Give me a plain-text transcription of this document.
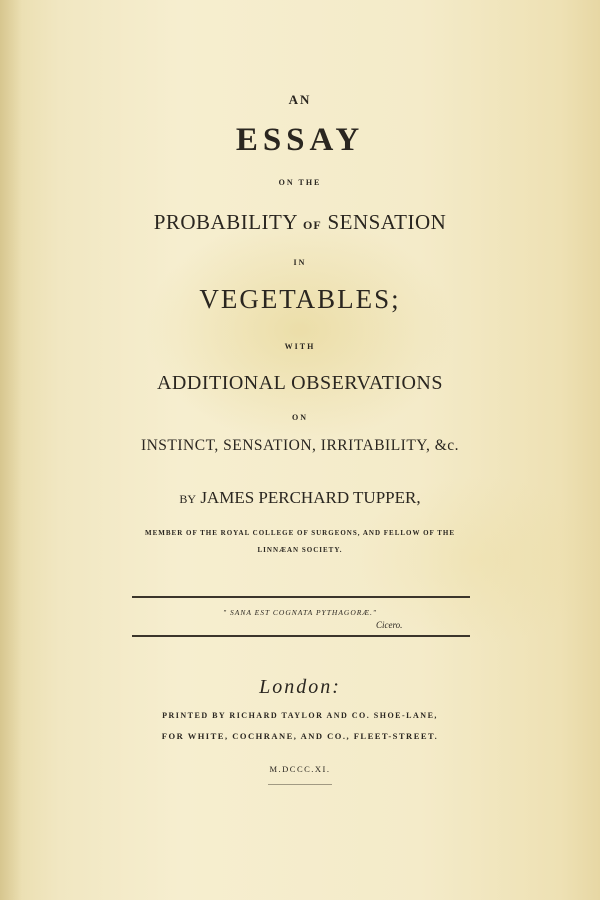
AN
ESSAY
ON THE
PROBABILITY OF SENSATION
IN
VEGETABLES;
WITH
ADDITIONAL OBSERVATIONS
ON
INSTINCT, SENSATION, IRRITABILITY, &c.
BY JAMES PERCHARD TUPPER,
MEMBER OF THE ROYAL COLLEGE OF SURGEONS, AND FELLOW OF THE
LINNÆAN SOCIETY.
" SANA EST COGNATA PYTHAGORÆ."
Cicero.
London:
PRINTED BY RICHARD TAYLOR AND CO. SHOE-LANE,
FOR WHITE, COCHRANE, AND CO., FLEET-STREET.
M.DCCC.XI.
